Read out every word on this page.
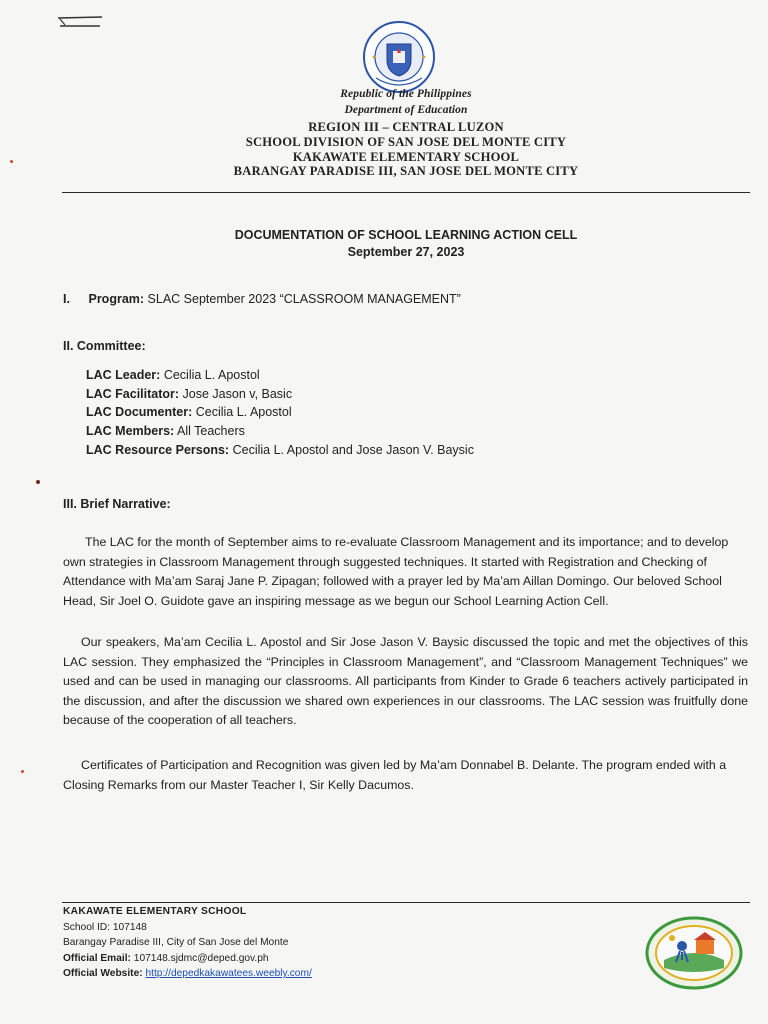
Republic of the Philippines
Department of Education
REGION III – CENTRAL LUZON
SCHOOL DIVISION OF SAN JOSE DEL MONTE CITY
KAKAWATE ELEMENTARY SCHOOL
BARANGAY PARADISE III, SAN JOSE DEL MONTE CITY
DOCUMENTATION OF SCHOOL LEARNING ACTION CELL
September 27, 2023
I. Program: SLAC September 2023 “CLASSROOM MANAGEMENT”
II. Committee:
LAC Leader: Cecilia L. Apostol
LAC Facilitator: Jose Jason v, Basic
LAC Documenter: Cecilia L. Apostol
LAC Members: All Teachers
LAC Resource Persons: Cecilia L. Apostol and Jose Jason V. Baysic
III. Brief Narrative:

The LAC for the month of September aims to re-evaluate Classroom Management and its importance; and to develop own strategies in Classroom Management through suggested techniques. It started with Registration and Checking of Attendance with Ma’am Saraj Jane P. Zipagan; followed with a prayer led by Ma’am Aillan Domingo. Our beloved School Head, Sir Joel O. Guidote gave an inspiring message as we begun our School Learning Action Cell.

Our speakers, Ma’am Cecilia L. Apostol and Sir Jose Jason V. Baysic discussed the topic and met the objectives of this LAC session. They emphasized the “Principles in Classroom Management”, and “Classroom Management Techniques” we used and can be used in managing our classrooms. All participants from Kinder to Grade 6 teachers actively participated in the discussion, and after the discussion we shared own experiences in our classrooms. The LAC session was fruitfully done because of the cooperation of all teachers.

Certificates of Participation and Recognition was given led by Ma’am Donnabel B. Delante. The program ended with a Closing Remarks from our Master Teacher I, Sir Kelly Dacumos.

KAKAWATE ELEMENTARY SCHOOL
School ID: 107148
Barangay Paradise III, City of San Jose del Monte
Official Email: 107148.sjdmc@deped.gov.ph
Official Website: http://depedkakawatees.weebly.com/
